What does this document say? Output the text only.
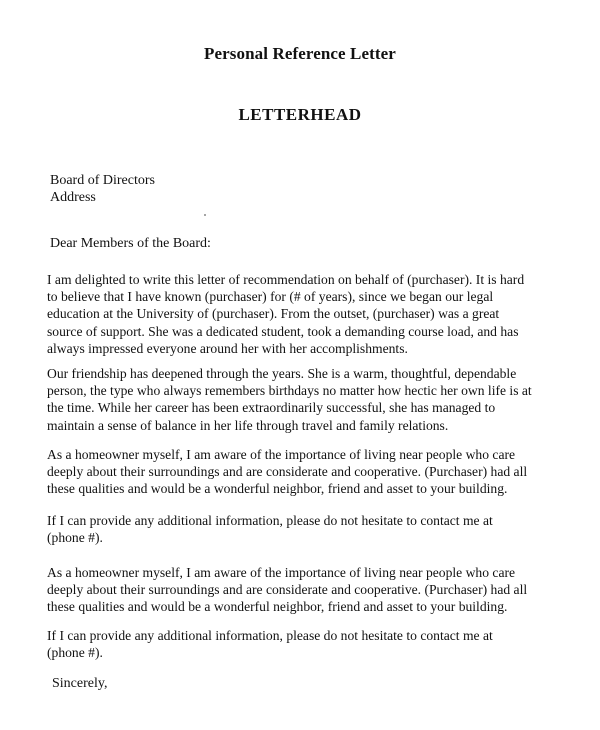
Personal Reference Letter
LETTERHEAD
Board of Directors
Address
Dear Members of the Board:
I am delighted to write this letter of recommendation on behalf of (purchaser). It is hard
to believe that I have known (purchaser) for (# of years), since we began our legal
education at the University of (purchaser). From the outset, (purchaser) was a great
source of support. She was a dedicated student, took a demanding course load, and has
always impressed everyone around her with her accomplishments.
Our friendship has deepened through the years. She is a warm, thoughtful, dependable
person, the type who always remembers birthdays no matter how hectic her own life is at
the time. While her career has been extraordinarily successful, she has managed to
maintain a sense of balance in her life through travel and family relations.
As a homeowner myself, I am aware of the importance of living near people who care
deeply about their surroundings and are considerate and cooperative. (Purchaser) had all
these qualities and would be a wonderful neighbor, friend and asset to your building.
If I can provide any additional information, please do not hesitate to contact me at
(phone #).
As a homeowner myself, I am aware of the importance of living near people who care
deeply about their surroundings and are considerate and cooperative. (Purchaser) had all
these qualities and would be a wonderful neighbor, friend and asset to your building.
If I can provide any additional information, please do not hesitate to contact me at
(phone #).
Sincerely,
